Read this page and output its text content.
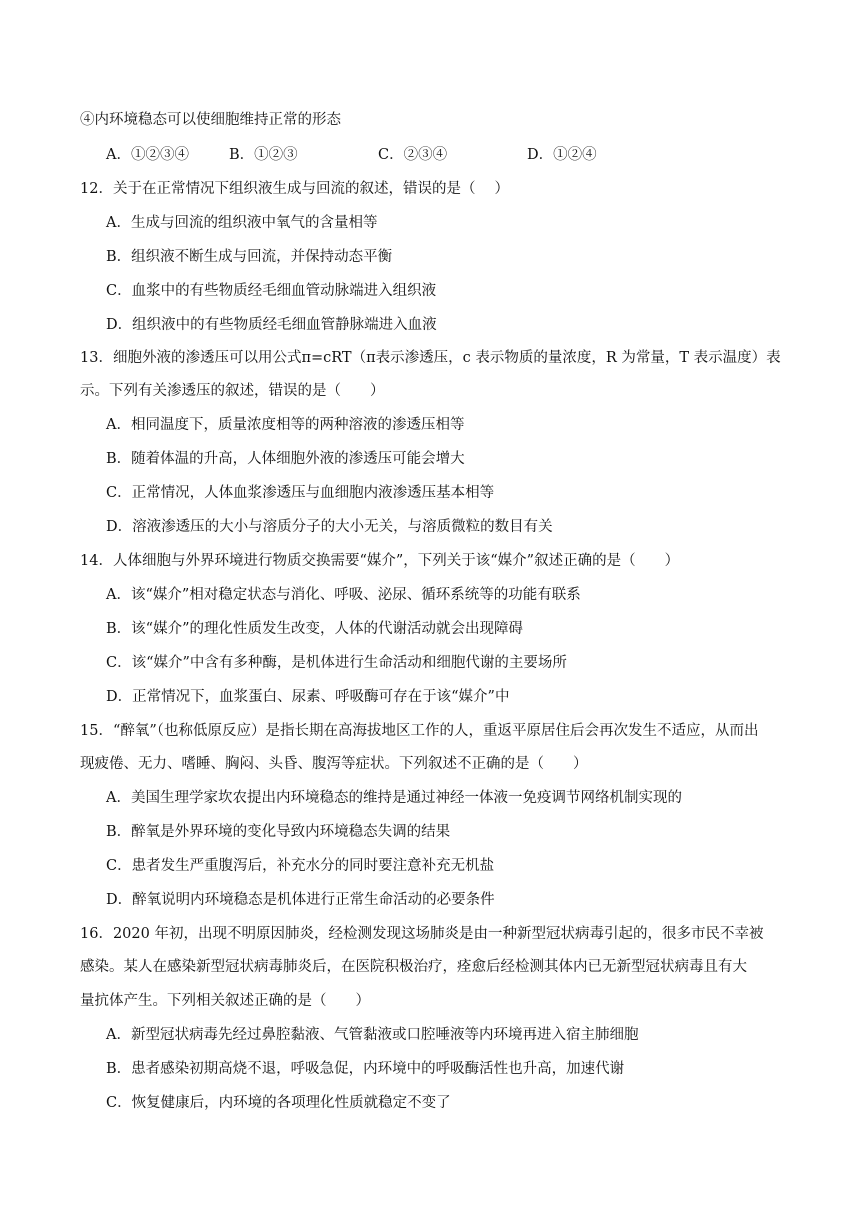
④内环境稳态可以使细胞维持正常的形态
A．①②③④	B．①②③	C．②③④	D．①②④
12．关于在正常情况下组织液生成与回流的叙述，错误的是（　 ）
A．生成与回流的组织液中氧气的含量相等
B．组织液不断生成与回流，并保持动态平衡
C．血浆中的有些物质经毛细血管动脉端进入组织液
D．组织液中的有些物质经毛细血管静脉端进入血液
13．细胞外液的渗透压可以用公式π=cRT（π表示渗透压，c 表示物质的量浓度，R 为常量，T 表示温度）表
示。下列有关渗透压的叙述，错误的是（　　）
A．相同温度下，质量浓度相等的两种溶液的渗透压相等
B．随着体温的升高，人体细胞外液的渗透压可能会增大
C．正常情况，人体血浆渗透压与血细胞内液渗透压基本相等
D．溶液渗透压的大小与溶质分子的大小无关，与溶质微粒的数目有关
14．人体细胞与外界环境进行物质交换需要“媒介”，下列关于该“媒介”叙述正确的是（　　）
A．该“媒介”相对稳定状态与消化、呼吸、泌尿、循环系统等的功能有联系
B．该“媒介”的理化性质发生改变，人体的代谢活动就会出现障碍
C．该“媒介”中含有多种酶，是机体进行生命活动和细胞代谢的主要场所
D．正常情况下，血浆蛋白、尿素、呼吸酶可存在于该“媒介”中
15．“醉氧”（也称低原反应）是指长期在高海拔地区工作的人，重返平原居住后会再次发生不适应，从而出
现疲倦、无力、嗜睡、胸闷、头昏、腹泻等症状。下列叙述不正确的是（　　）
A．美国生理学家坎农提出内环境稳态的维持是通过神经一体液一免疫调节网络机制实现的
B．醉氧是外界环境的变化导致内环境稳态失调的结果
C．患者发生严重腹泻后，补充水分的同时要注意补充无机盐
D．醉氧说明内环境稳态是机体进行正常生命活动的必要条件
16．2020 年初，出现不明原因肺炎，经检测发现这场肺炎是由一种新型冠状病毒引起的，很多市民不幸被
感染。某人在感染新型冠状病毒肺炎后，在医院积极治疗，痊愈后经检测其体内已无新型冠状病毒且有大
量抗体产生。下列相关叙述正确的是（　　）
A．新型冠状病毒先经过鼻腔黏液、气管黏液或口腔唾液等内环境再进入宿主肺细胞
B．患者感染初期高烧不退，呼吸急促，内环境中的呼吸酶活性也升高，加速代谢
C．恢复健康后，内环境的各项理化性质就稳定不变了
